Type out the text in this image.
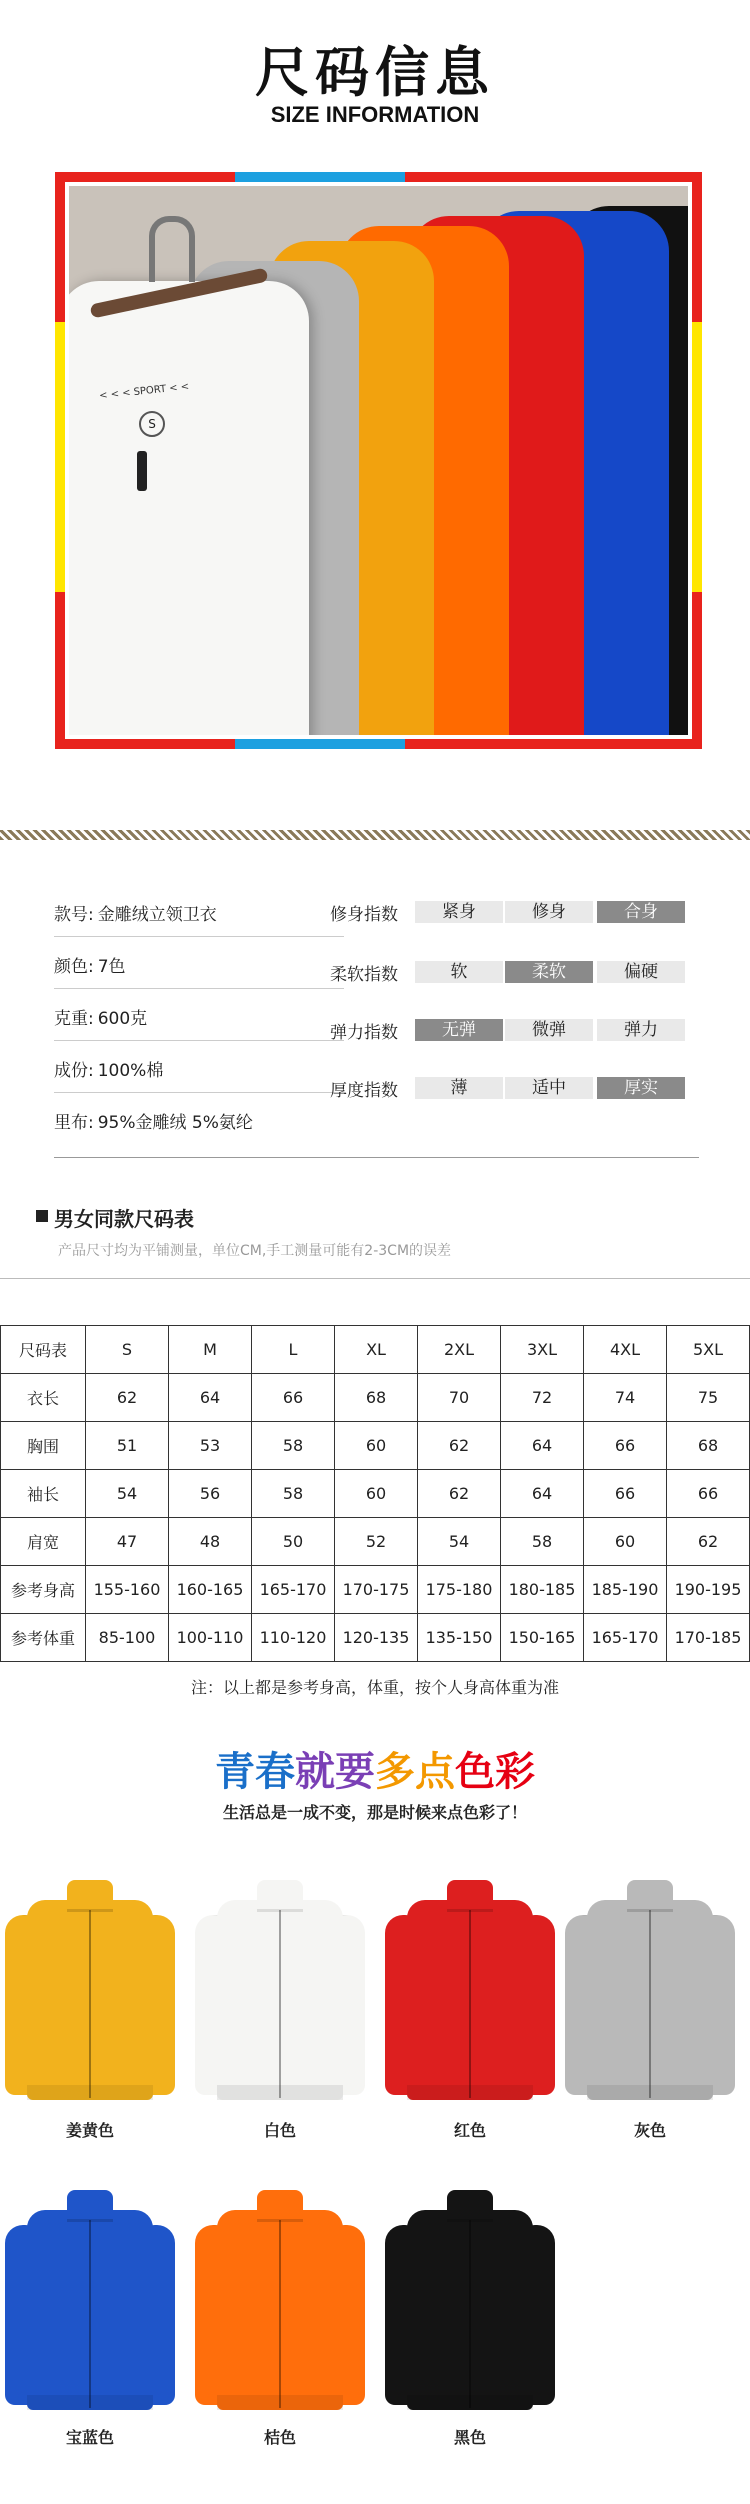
尺码信息
SIZE INFORMATION
< < < SPORT < <
S
款号: 金雕绒立领卫衣
颜色: 7色
克重: 600克
成份: 100%棉
里布: 95%金雕绒 5%氨纶
修身指数	紧身	修身	合身
柔软指数	软	柔软	偏硬
弹力指数	无弹	微弹	弹力
厚度指数	薄	适中	厚实
男女同款尺码表
产品尺寸均为平铺测量，单位CM,手工测量可能有2-3CM的误差
尺码表	S	M	L	XL	2XL	3XL	4XL	5XL
衣长	62	64	66	68	70	72	74	75
胸围	51	53	58	60	62	64	66	68
袖长	54	56	58	60	62	64	66	66
肩宽	47	48	50	52	54	58	60	62
参考身高	155-160	160-165	165-170	170-175	175-180	180-185	185-190	190-195
参考体重	85-100	100-110	110-120	120-135	135-150	150-165	165-170	170-185
注：以上都是参考身高，体重，按个人身高体重为准
青春就要多点色彩
生活总是一成不变，那是时候来点色彩了！
姜黄色	白色	红色	灰色
宝蓝色	桔色	黑色
